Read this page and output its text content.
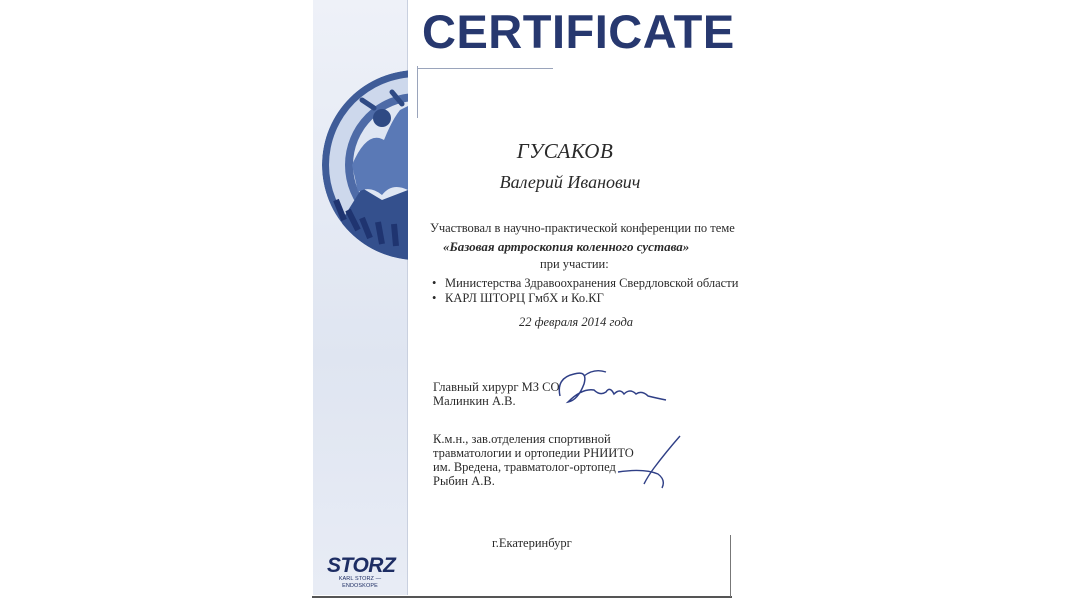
CERTIFICATE
ГУСАКОВ
Валерий Иванович
Участвовал в научно-практической конференции по теме
«Базовая артроскопия коленного сустава»
при участии:
• Министерства Здравоохранения Свердловской области
• КАРЛ ШТОРЦ ГмбХ и Ко.КГ
22 февраля 2014 года
Главный хирург МЗ СО
Малинкин А.В.
К.м.н., зав.отделения спортивной
травматологии и ортопедии РНИИТО
им. Вредена, травматолог-ортопед
Рыбин А.В.
г.Екатеринбург
STORZ
KARL STORZ — ENDOSKOPE
